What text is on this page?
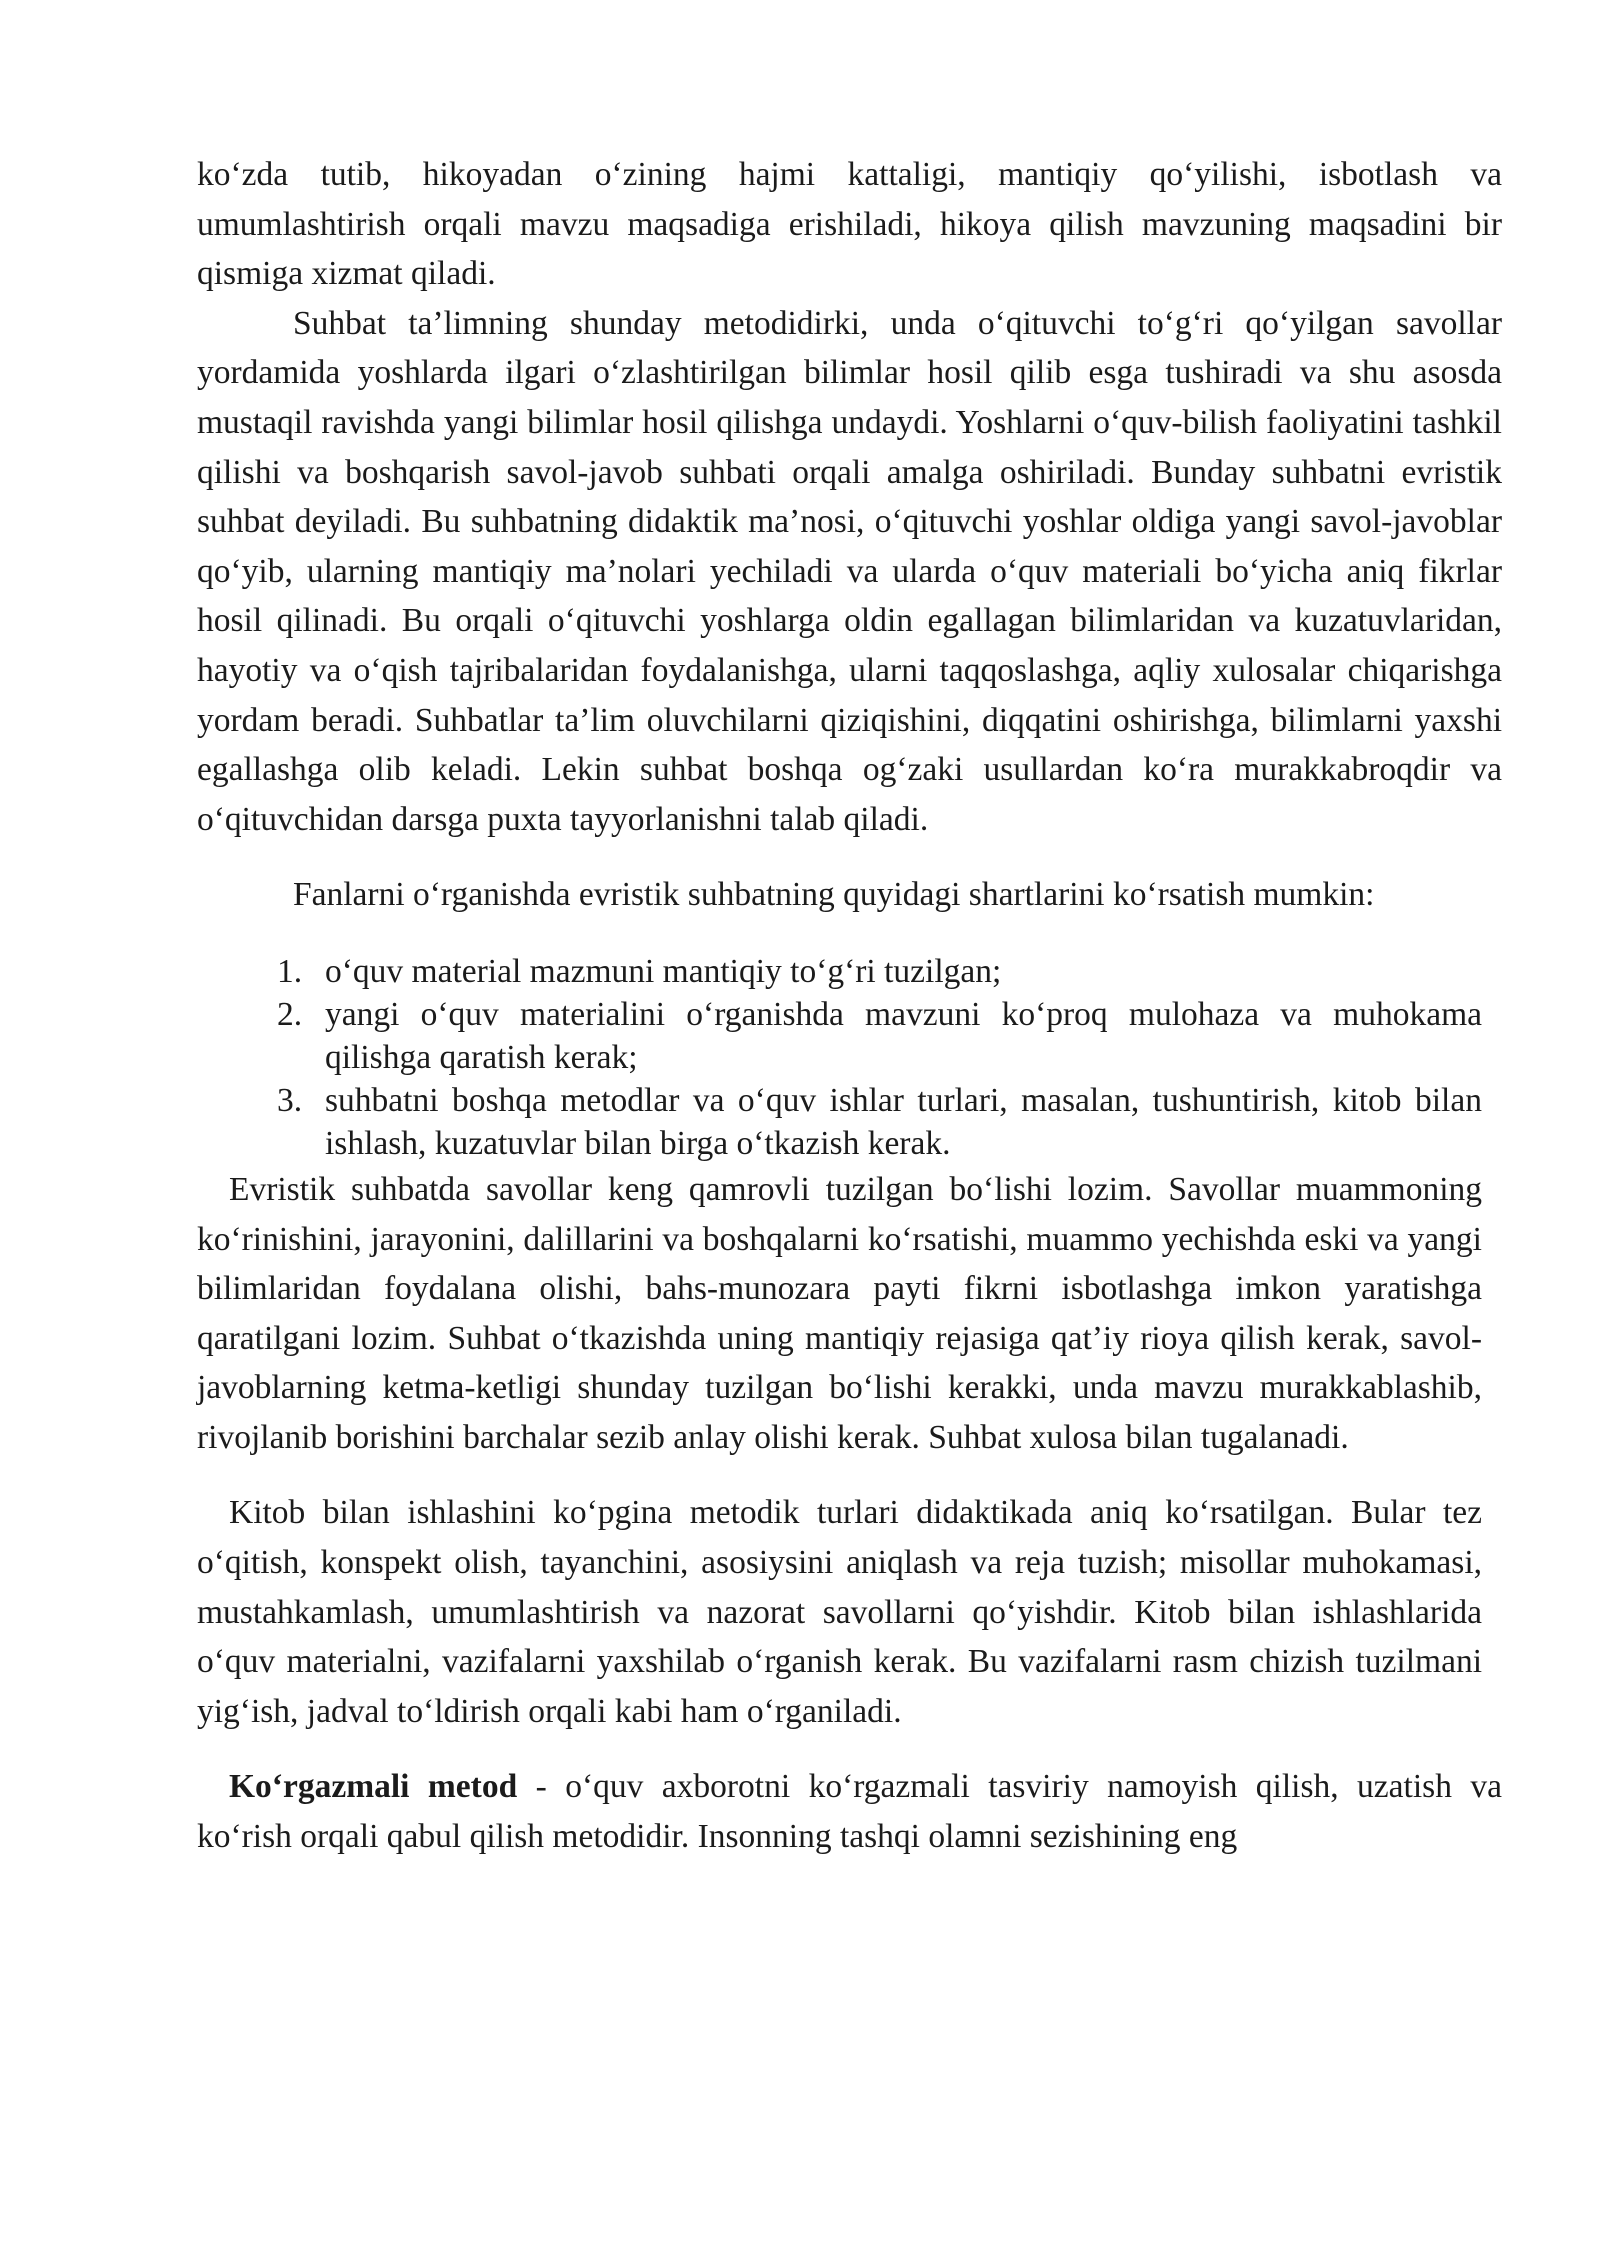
ko‘zda tutib, hikoyadan o‘zining hajmi kattaligi, mantiqiy qo‘yilishi, isbotlash va umumlashtirish orqali mavzu maqsadiga erishiladi, hikoya qilish mavzuning maqsadini bir qismiga xizmat qiladi.

Suhbat ta’limning shunday metodidirki, unda o‘qituvchi to‘g‘ri qo‘yilgan savollar yordamida yoshlarda ilgari o‘zlashtirilgan bilimlar hosil qilib esga tushiradi va shu asosda mustaqil ravishda yangi bilimlar hosil qilishga undaydi. Yoshlarni o‘quv-bilish faoliyatini tashkil qilishi va boshqarish savol-javob suhbati orqali amalga oshiriladi. Bunday suhbatni evristik suhbat deyiladi. Bu suhbatning didaktik ma’nosi, o‘qituvchi yoshlar oldiga yangi savol-javoblar qo‘yib, ularning mantiqiy ma’nolari yechiladi va ularda o‘quv materiali bo‘yicha aniq fikrlar hosil qilinadi. Bu orqali o‘qituvchi yoshlarga oldin egallagan bilimlaridan va kuzatuvlaridan, hayotiy va o‘qish tajribalaridan foydalanishga, ularni taqqoslashga, aqliy xulosalar chiqarishga yordam beradi. Suhbatlar ta’lim oluvchilarni qiziqishini, diqqatini oshirishga, bilimlarni yaxshi egallashga olib keladi. Lekin suhbat boshqa og‘zaki usullardan ko‘ra murakkabroqdir va o‘qituvchidan darsga puxta tayyorlanishni talab qiladi.

Fanlarni o‘rganishda evristik suhbatning quyidagi shartlarini ko‘rsatish mumkin:

1. o‘quv material mazmuni mantiqiy to‘g‘ri tuzilgan;
2. yangi o‘quv materialini o‘rganishda mavzuni ko‘proq mulohaza va muhokama qilishga qaratish kerak;
3. suhbatni boshqa metodlar va o‘quv ishlar turlari, masalan, tushuntirish, kitob bilan ishlash, kuzatuvlar bilan birga o‘tkazish kerak.

Evristik suhbatda savollar keng qamrovli tuzilgan bo‘lishi lozim. Savollar muammoning ko‘rinishini, jarayonini, dalillarini va boshqalarni ko‘rsatishi, muammo yechishda eski va yangi bilimlaridan foydalana olishi, bahs-munozara payti fikrni isbotlashga imkon yaratishga qaratilgani lozim. Suhbat o‘tkazishda uning mantiqiy rejasiga qat’iy rioya qilish kerak, savol-javoblarning ketma-ketligi shunday tuzilgan bo‘lishi kerakki, unda mavzu murakkablashib, rivojlanib borishini barchalar sezib anlay olishi kerak. Suhbat xulosa bilan tugalanadi.

Kitob bilan ishlashini ko‘pgina metodik turlari didaktikada aniq ko‘rsatilgan. Bular tez o‘qitish, konspekt olish, tayanchini, asosiysini aniqlash va reja tuzish; misollar muhokamasi, mustahkamlash, umumlashtirish va nazorat savollarni qo‘yishdir. Kitob bilan ishlashlarida o‘quv materialni, vazifalarni yaxshilab o‘rganish kerak. Bu vazifalarni rasm chizish tuzilmani yig‘ish, jadval to‘ldirish orqali kabi ham o‘rganiladi.

Ko‘rgazmali metod - o‘quv axborotni ko‘rgazmali tasviriy namoyish qilish, uzatish va ko‘rish orqali qabul qilish metodidir. Insonning tashqi olamni sezishining eng
